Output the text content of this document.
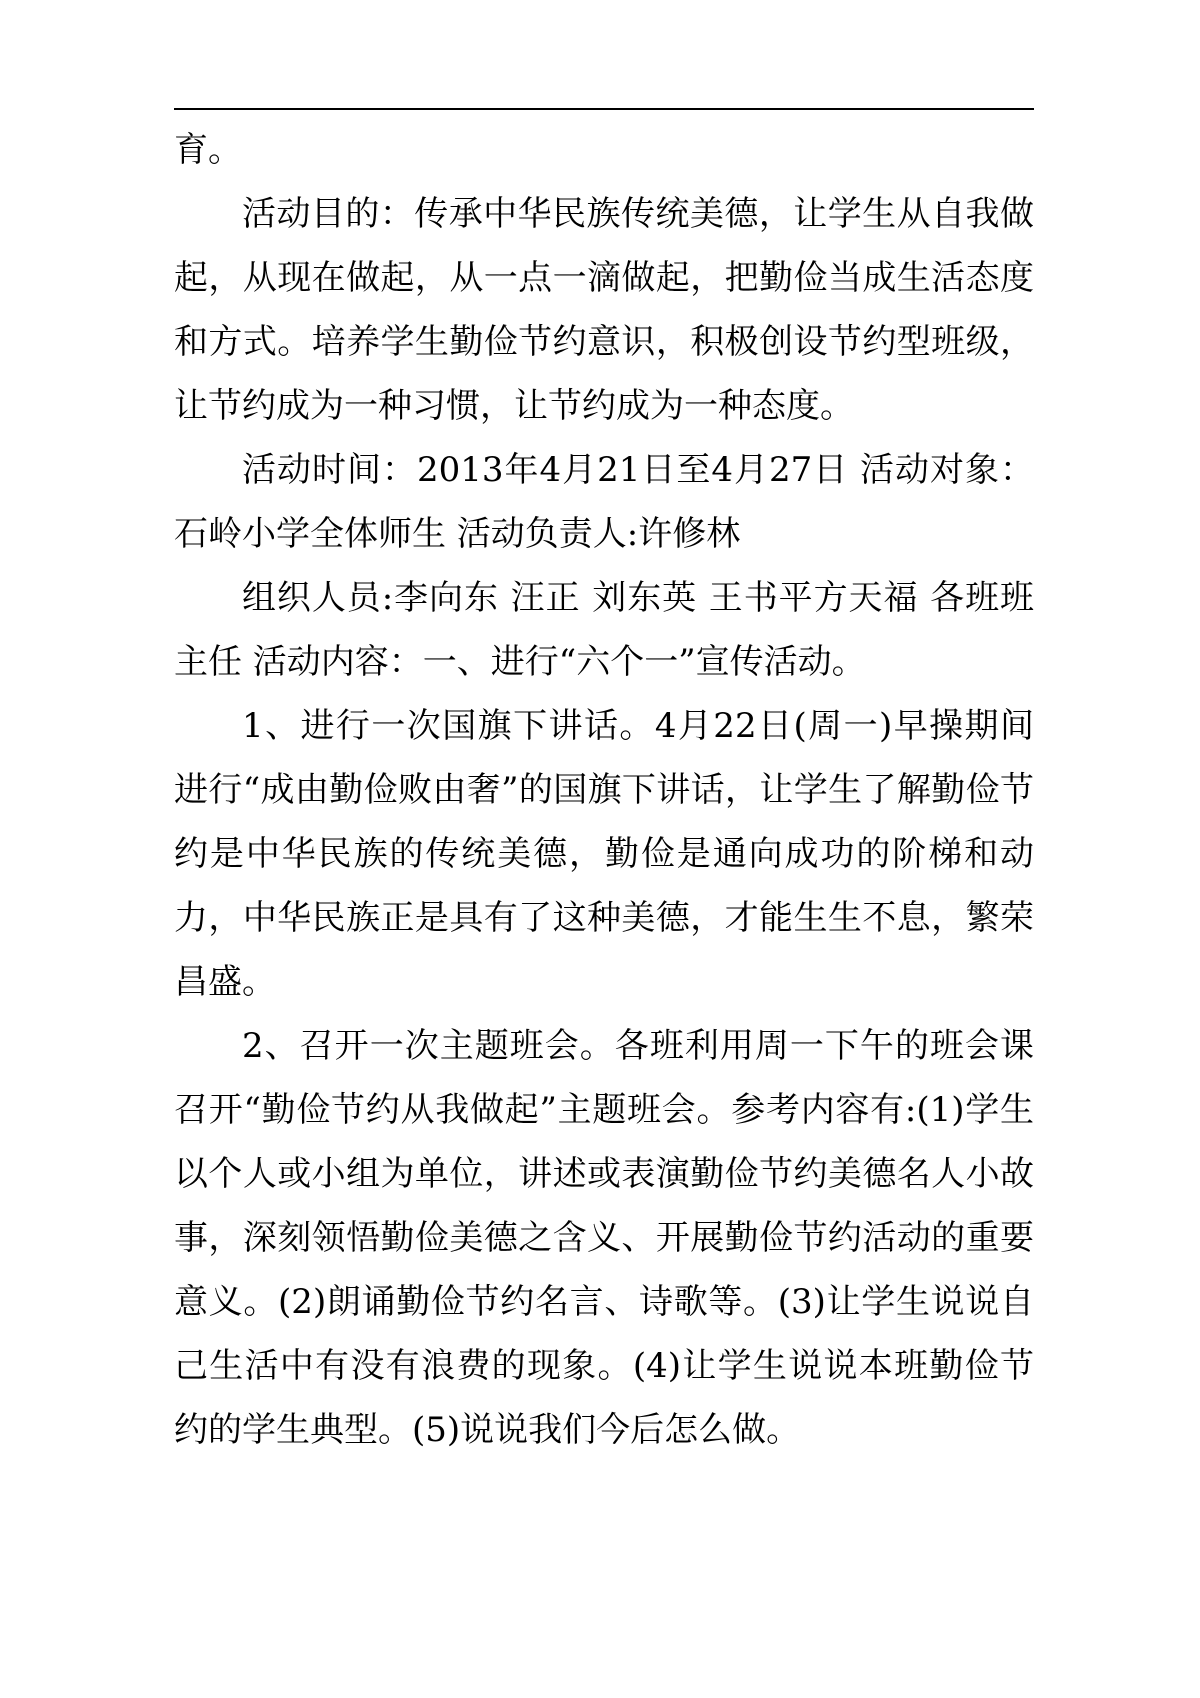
育。

活动目的：传承中华民族传统美德，让学生从自我做起，从现在做起，从一点一滴做起，把勤俭当成生活态度和方式。培养学生勤俭节约意识，积极创设节约型班级，让节约成为一种习惯，让节约成为一种态度。

活动时间：2013年4月21日至4月27日 活动对象：石岭小学全体师生 活动负责人:许修林

组织人员:李向东 汪正 刘东英 王书平方天福 各班班主任 活动内容：一、进行“六个一”宣传活动。

1、进行一次国旗下讲话。4月22日(周一)早操期间进行“成由勤俭败由奢”的国旗下讲话，让学生了解勤俭节约是中华民族的传统美德，勤俭是通向成功的阶梯和动力，中华民族正是具有了这种美德，才能生生不息，繁荣昌盛。

2、召开一次主题班会。各班利用周一下午的班会课召开“勤俭节约从我做起”主题班会。参考内容有:(1)学生以个人或小组为单位，讲述或表演勤俭节约美德名人小故事，深刻领悟勤俭美德之含义、开展勤俭节约活动的重要意义。(2)朗诵勤俭节约名言、诗歌等。(3)让学生说说自己生活中有没有浪费的现象。(4)让学生说说本班勤俭节约的学生典型。(5)说说我们今后怎么做。
